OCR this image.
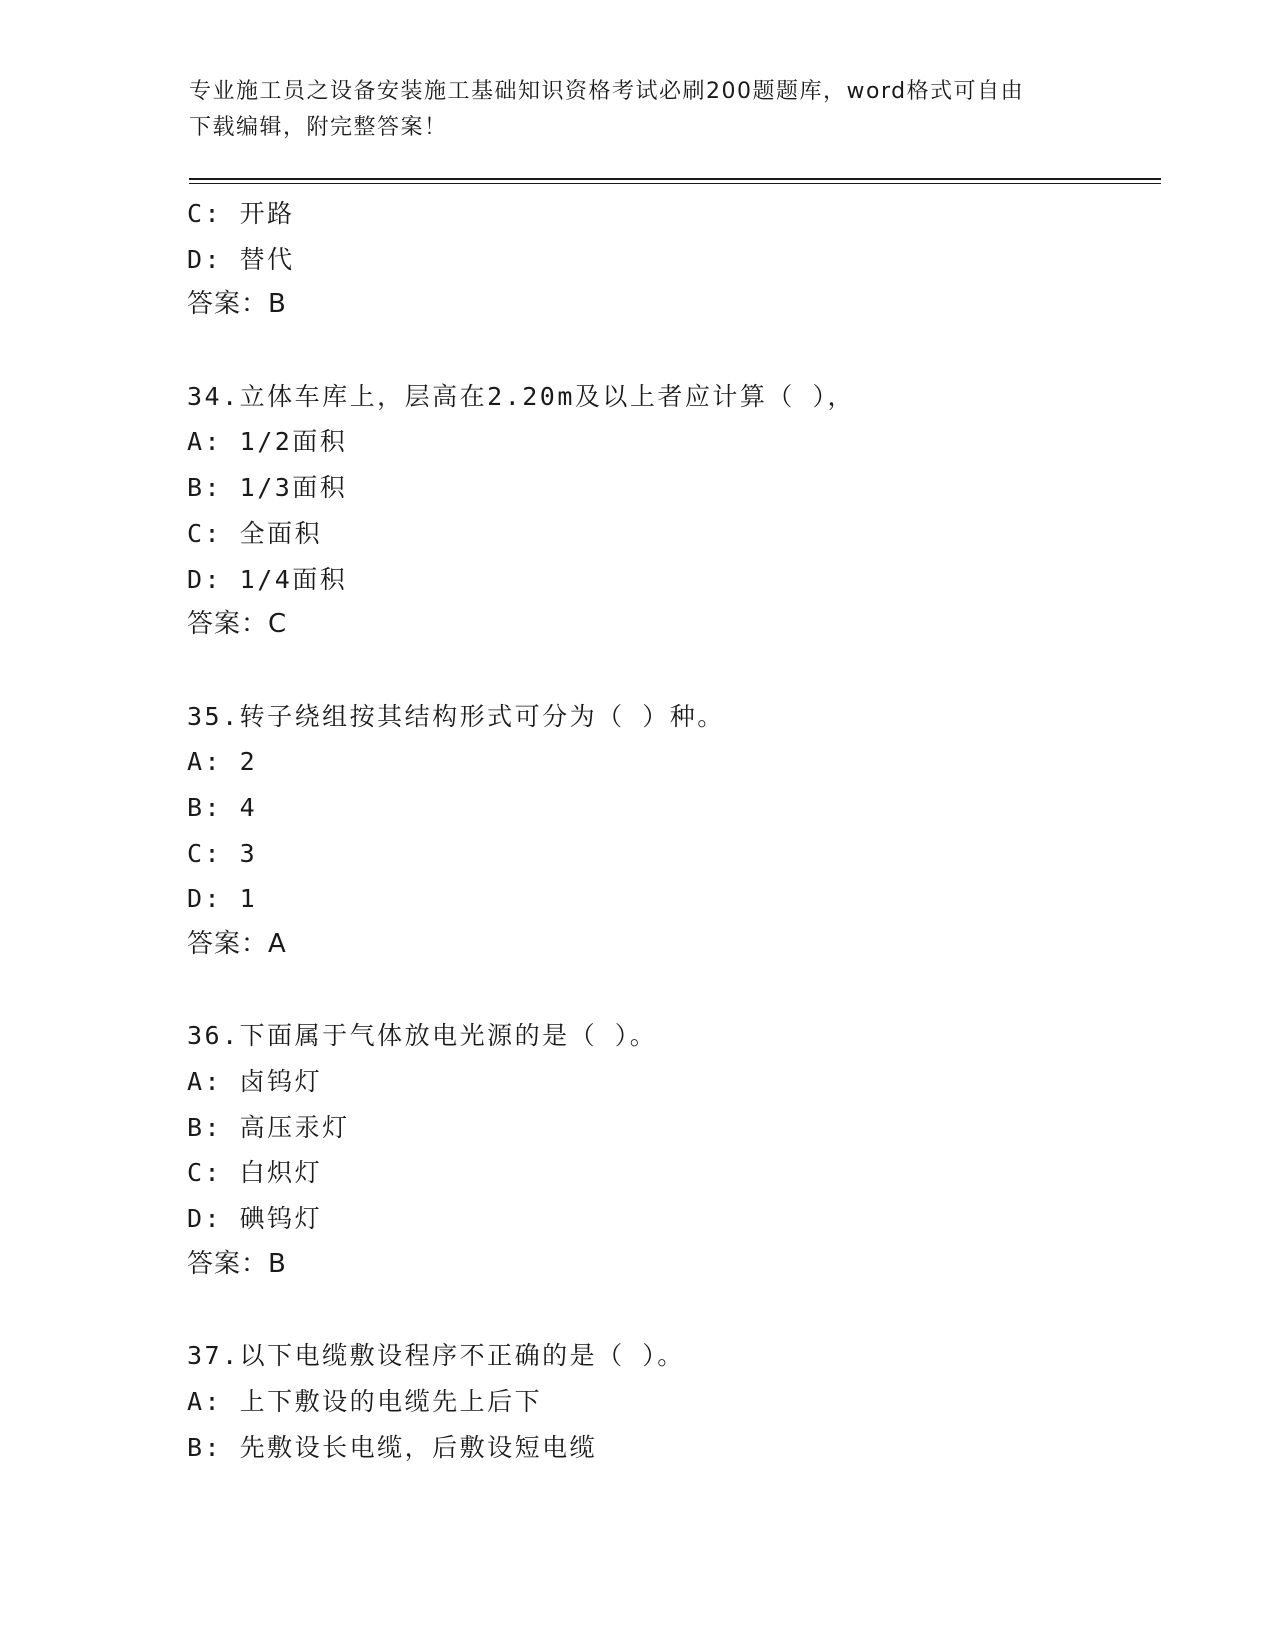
专业施工员之设备安装施工基础知识资格考试必刷200题题库，word格式可自由
下载编辑，附完整答案！
C: 开路
D: 替代
答案：B
34.立体车库上，层高在2.20m及以上者应计算（ ），
A: 1/2面积
B: 1/3面积
C: 全面积
D: 1/4面积
答案：C
35.转子绕组按其结构形式可分为（ ）种。
A: 2
B: 4
C: 3
D: 1
答案：A
36.下面属于气体放电光源的是（ ）。
A: 卤钨灯
B: 高压汞灯
C: 白炽灯
D: 碘钨灯
答案：B
37.以下电缆敷设程序不正确的是（ ）。
A: 上下敷设的电缆先上后下
B: 先敷设长电缆，后敷设短电缆
